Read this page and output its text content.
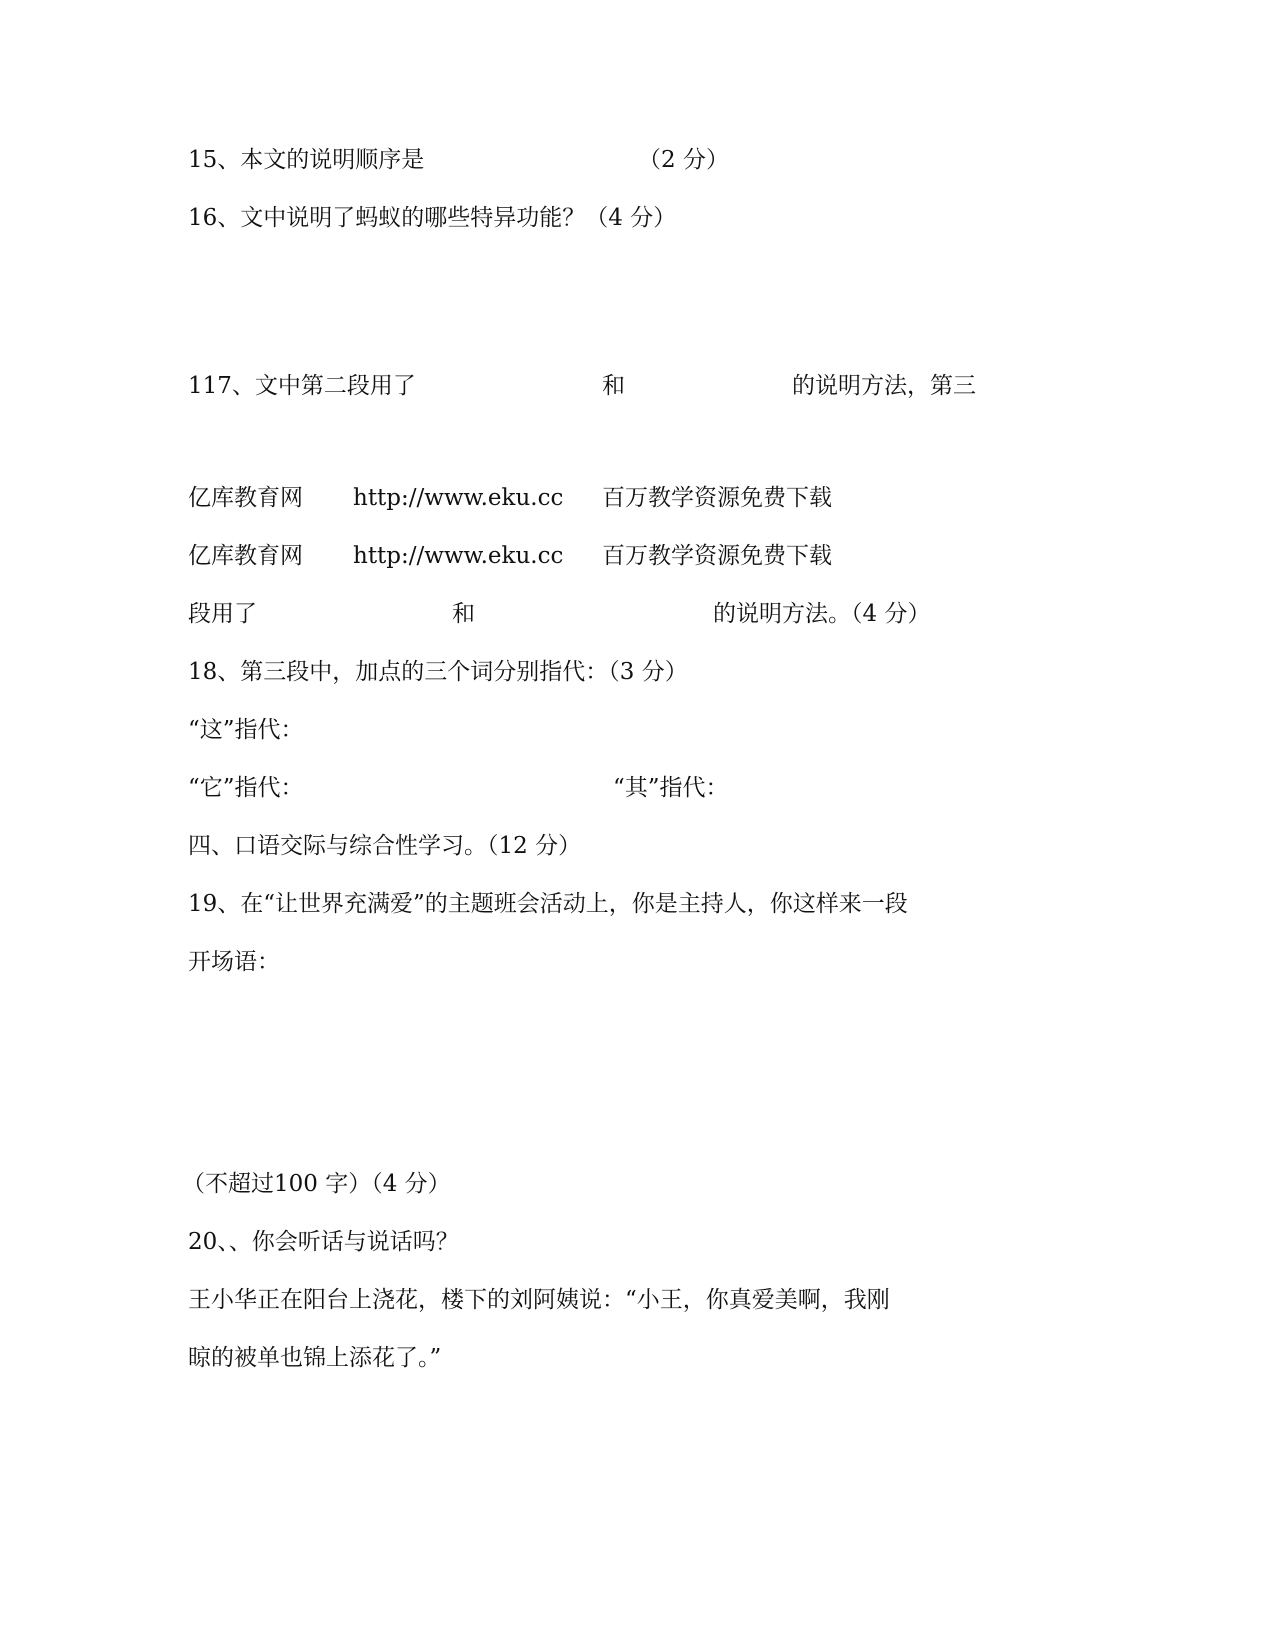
15、本文的说明顺序是	（2 分）
16、文中说明了蚂蚁的哪些特异功能？（4 分）
117、文中第二段用了	和	的说明方法，第三
亿库教育网 http://www.eku.cc 百万教学资源免费下载
亿库教育网 http://www.eku.cc 百万教学资源免费下载
段用了	和	的说明方法。（4 分）
18、第三段中，加点的三个词分别指代：（3 分）
“这”指代：
“它”指代：	“其”指代：
四、口语交际与综合性学习。（12 分）
19、在“让世界充满爱”的主题班会活动上，你是主持人，你这样来一段
开场语：
（不超过100 字）（4 分）
20、、你会听话与说话吗？
王小华正在阳台上浇花，楼下的刘阿姨说：“小王，你真爱美啊，我刚
晾的被单也锦上添花了。”
